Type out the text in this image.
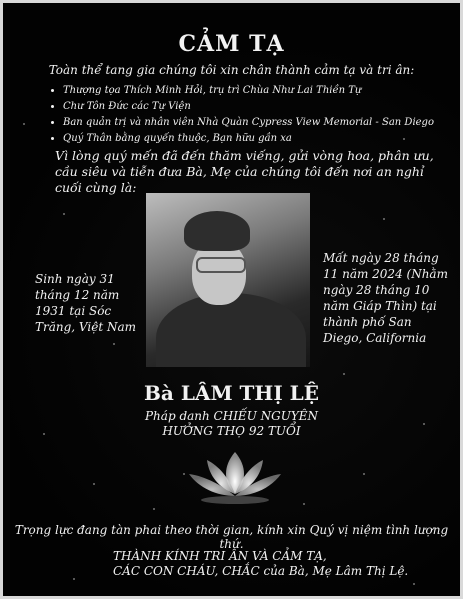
CẢM TẠ
Toàn thể tang gia chúng tôi xin chân thành cảm tạ và tri ân:
• Thượng tọa Thích Minh Hỏi, trụ trì Chùa Như Lai Thiền Tự
• Chư Tôn Đức các Tự Viện
• Ban quản trị và nhân viên Nhà Quàn Cypress View Memorial - San Diego
• Quý Thân bằng quyến thuộc, Bạn hữu gần xa
Vì lòng quý mến đã đến thăm viếng, gửi vòng hoa, phân ưu, cầu siêu và tiễn đưa Bà, Mẹ của chúng tôi đến nơi an nghỉ cuối cùng là:
Sinh ngày 31 tháng 12 năm 1931 tại Sóc Trăng, Việt Nam
Mất ngày 28 tháng 11 năm 2024 (Nhằm ngày 28 tháng 10 năm Giáp Thìn) tại thành phố San Diego, California
Bà LÂM THỊ LỆ
Pháp danh CHIẾU NGUYÊN
HƯỞNG THỌ 92 TUỔI
Trọng lực đang tàn phai theo thời gian, kính xin Quý vị niệm tình lượng thứ.
THÀNH KÍNH TRI ÂN VÀ CẢM TẠ,
CÁC CON CHÁU, CHẮC của Bà, Mẹ Lâm Thị Lệ.
